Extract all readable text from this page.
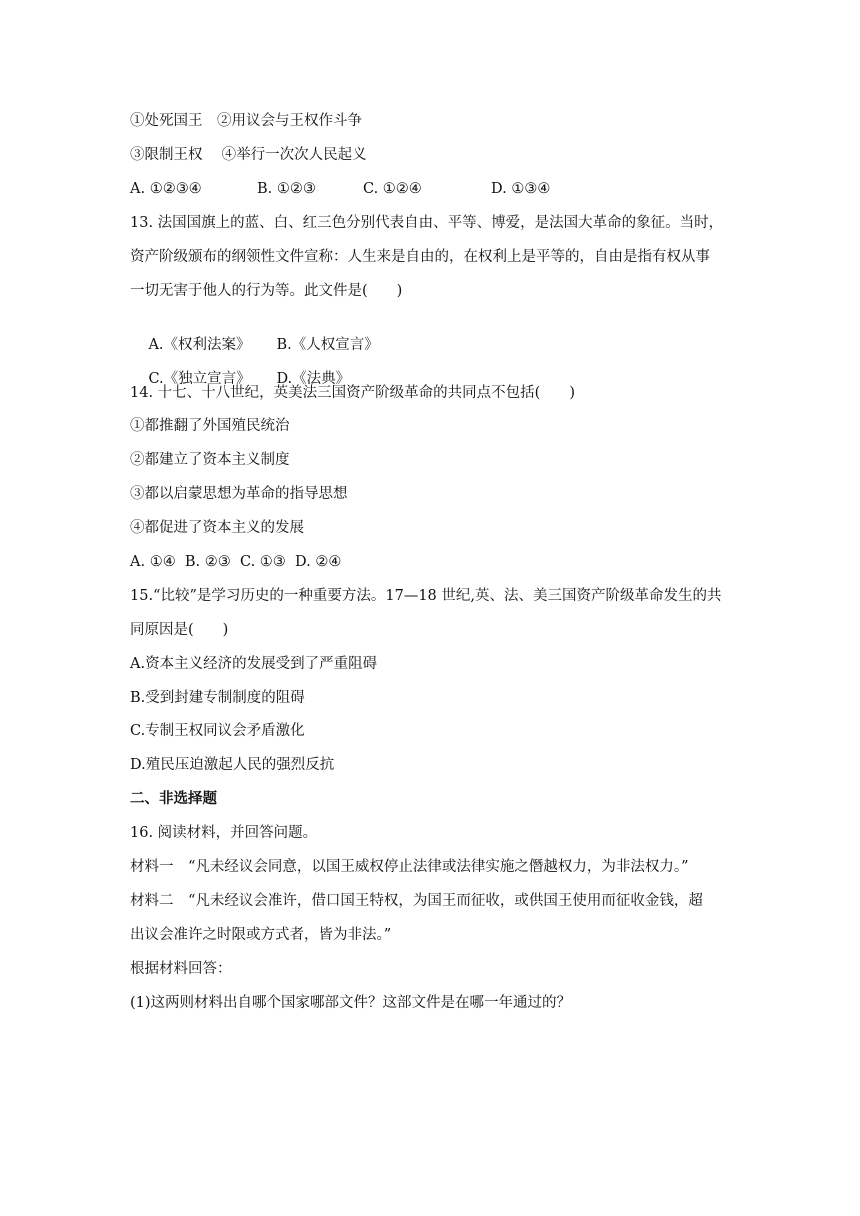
①处死国王　②用议会与王权作斗争
③限制王权　 ④举行一次次人民起义
A. ①②③④	B. ①②③	C. ①②④	D. ①③④
13. 法国国旗上的蓝、白、红三色分别代表自由、平等、博爱，是法国大革命的象征。当时，
资产阶级颁布的纲领性文件宣称：人生来是自由的，在权利上是平等的，自由是指有权从事
一切无害于他人的行为等。此文件是(　　)

A.《权利法案》 B.《人权宣言》

C.《独立宣言》 D.《法典》

14. 十七、十八世纪，英美法三国资产阶级革命的共同点不包括(　　)
①都推翻了外国殖民统治
②都建立了资本主义制度
③都以启蒙思想为革命的指导思想
④都促进了资本主义的发展
A. ①④  B. ②③  C. ①③  D. ②④
15.“比较”是学习历史的一种重要方法。17—18 世纪,英、法、美三国资产阶级革命发生的共
同原因是(　　)
A.资本主义经济的发展受到了严重阻碍
B.受到封建专制制度的阻碍
C.专制王权同议会矛盾激化
D.殖民压迫激起人民的强烈反抗
二、非选择题
16. 阅读材料，并回答问题。
材料一　“凡未经议会同意，以国王威权停止法律或法律实施之僭越权力，为非法权力。”
材料二　“凡未经议会准许，借口国王特权，为国王而征收，或供国王使用而征收金钱，超
出议会准许之时限或方式者，皆为非法。”
根据材料回答：
(1)这两则材料出自哪个国家哪部文件？这部文件是在哪一年通过的？
